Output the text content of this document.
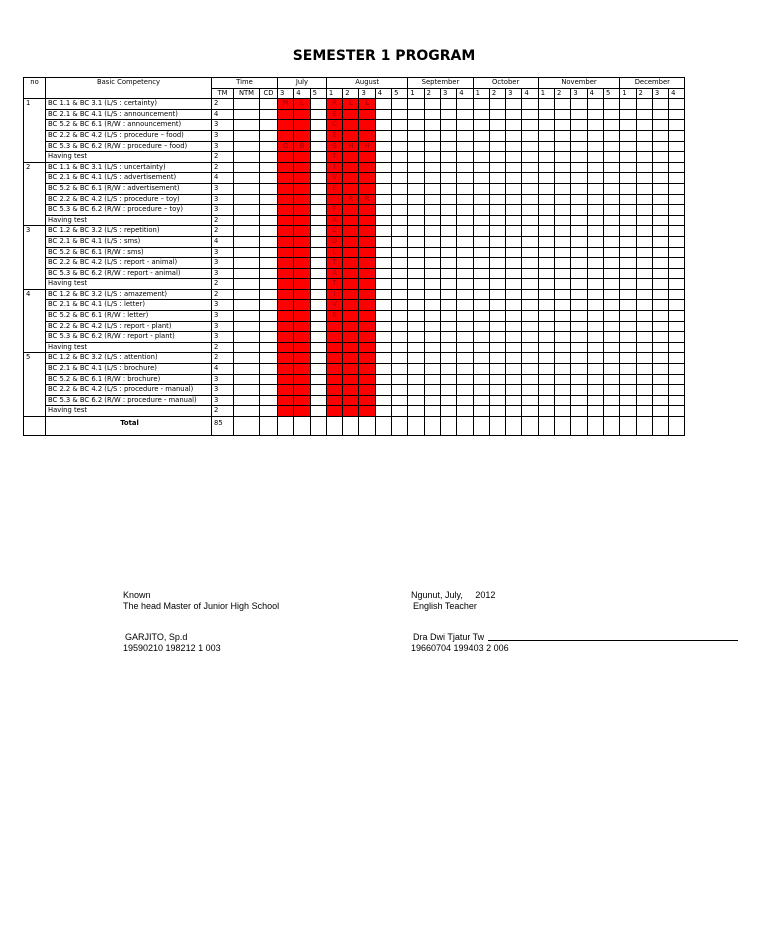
SEMESTER 1 PROGRAM
no	Basic Competency	Time			July			August					September				October				November					December			
		TM	NTM	CD	3	4	5	1	2	3	4	5	1	2	3	4	1	2	3	4	1	2	3	4	5	1	2	3	4
1	BC 1.1 & BC 3.1 (L/S : certainty)	2			M	L		R	L	L																			
	BC 2.1 & BC 4.1 (L/S : announcement)	4						E																					
	BC 5.2 & BC 6.1 (R/W : announcement)	3						C																					
	BC 2.2 & BC 4.2 (L/S : procedure – food)	3						E																					
	BC 5.3 & BC 6.2 (R/W : procedure – food)	3			O	B		S	H	H																			
	Having test	2						T																					
2	BC 1.1 & BC 3.1 (L/S : uncertainty)	2						I																					
	BC 2.1 & BC 4.1 (L/S : advertisement)	4						V																					
	BC 5.2 & BC 6.1 (R/W : advertisement)	3						E																					
	BC 2.2 & BC 4.2 (L/S : procedure – toy)	3							R	R																			
	BC 5.3 & BC 6.2 (R/W : procedure – toy)	3						F																					
	Having test	2						A																					
3	BC 1.2 & BC 3.2 (L/S : repetition)	2						C																					
	BC 2.1 & BC 4.1 (L/S : sms)	4						U																					
	BC 5.2 & BC 6.1 (R/W : sms)	3						L																					
	BC 2.2 & BC 4.2 (L/S : report - animal)	3						T																					
	BC 5.3 & BC 6.2 (R/W : report - animal)	3						A																					
	Having test	2						T																					
4	BC 1.2 & BC 3.2 (L/S : amazement)	2						I																					
	BC 2.1 & BC 4.1 (L/S : letter)	3						V																					
	BC 5.2 & BC 6.1 (R/W : letter)	3						E																					
	BC 2.2 & BC 4.2 (L/S : report - plant)	3																											
	BC 5.3 & BC 6.2 (R/W : report - plant)	3																											
	Having test	2																											
5	BC 1.2 & BC 3.2 (L/S : attention)	2																											
	BC 2.1 & BC 4.1 (L/S : brochure)	4																											
	BC 5.2 & BC 6.1 (R/W : brochure)	3																											
	BC 2.2 & BC 4.2 (L/S : procedure - manual)	3																											
	BC 5.3 & BC 6.2 (R/W : procedure - manual)	3																											
	Having test	2																											
	Total	85																											
Known
The head Master of Junior High School
GARJITO, Sp.d
19590210 198212 1 003
Ngunut, July,     2012
English Teacher
Dra Dwi Tjatur Tw
19660704 199403 2 006
